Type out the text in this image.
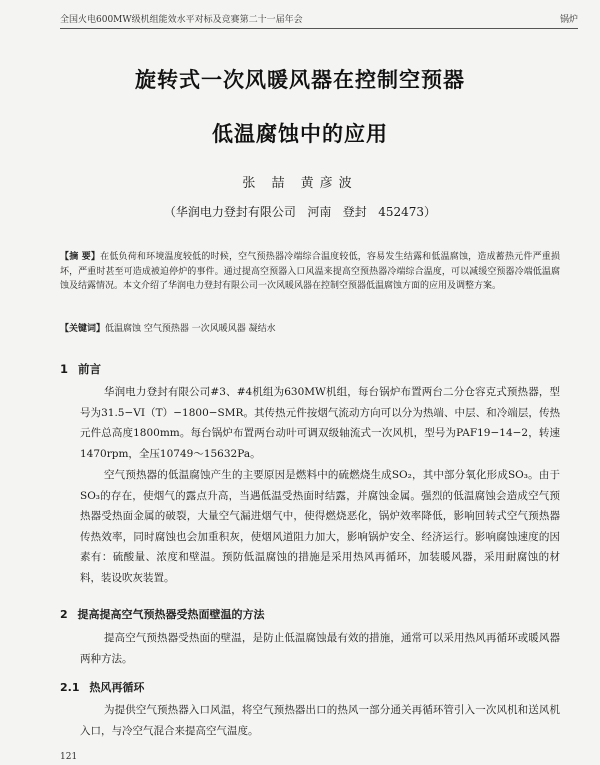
全国火电600MW级机组能效水平对标及竞赛第二十一届年会	锅炉
旋转式一次风暖风器在控制空预器
低温腐蚀中的应用
张 喆 黄彦波
（华润电力登封有限公司   河南   登封   452473）
【摘 要】在低负荷和环境温度较低的时候，空气预热器冷端综合温度较低，容易发生结露和低温腐蚀，造成蓄热元件严重损坏，严重时甚至可造成被迫停炉的事件。通过提高空预器入口风温来提高空预热器冷端综合温度，可以减缓空预器冷端低温腐蚀及结露情况。本文介绍了华润电力登封有限公司一次风暖风器在控制空预器低温腐蚀方面的应用及调整方案。
【关键词】低温腐蚀 空气预热器 一次风暖风器 凝结水
1 前言
华润电力登封有限公司#3、#4机组为630MW机组，每台锅炉布置两台二分仓容克式预热器，型号为31.5−VI（T）−1800−SMR。其传热元件按烟气流动方向可以分为热端、中层、和冷端层，传热元件总高度1800mm。每台锅炉布置两台动叶可调双级轴流式一次风机，型号为PAF19−14−2，转速1470rpm，全压10749～15632Pa。
空气预热器的低温腐蚀产生的主要原因是燃料中的硫燃烧生成SO₂，其中部分氧化形成SO₃。由于SO₃的存在，使烟气的露点升高，当遇低温受热面时结露，并腐蚀金属。强烈的低温腐蚀会造成空气预热器受热面金属的破裂，大量空气漏进烟气中，使得燃烧恶化，锅炉效率降低，影响回转式空气预热器传热效率，同时腐蚀也会加重积灰，使烟风道阻力加大，影响锅炉安全、经济运行。影响腐蚀速度的因素有：硫酸量、浓度和壁温。预防低温腐蚀的措施是采用热风再循环，加装暖风器，采用耐腐蚀的材料，装设吹灰装置。
2 提高提高空气预热器受热面壁温的方法
提高空气预热器受热面的壁温，是防止低温腐蚀最有效的措施，通常可以采用热风再循环或暖风器两种方法。
2.1 热风再循环
为提供空气预热器入口风温，将空气预热器出口的热风一部分通关再循环管引入一次风机和送风机入口，与冷空气混合来提高空气温度。
121
